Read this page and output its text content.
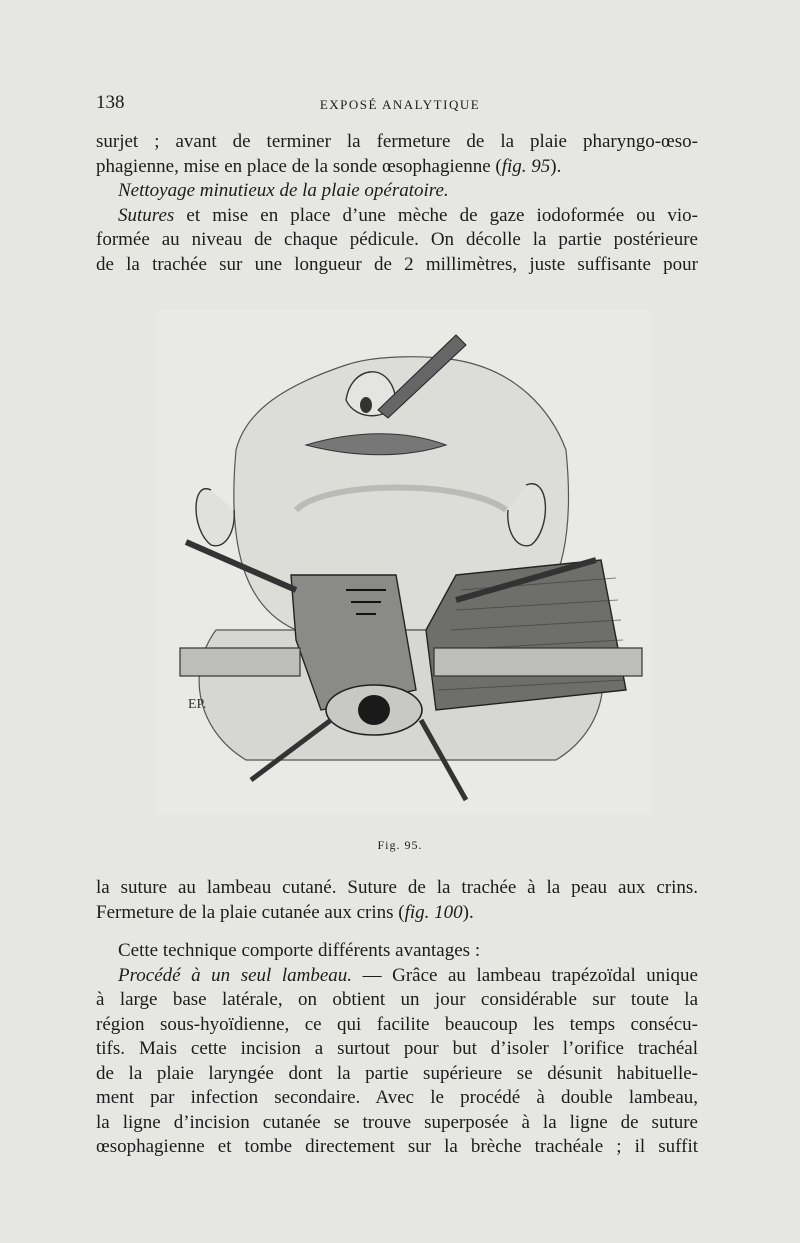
138	EXPOSÉ ANALYTIQUE

surjet ; avant de terminer la fermeture de la plaie pharyngo-œso-

phagienne, mise en place de la sonde œsophagienne (fig. 95).

Nettoyage minutieux de la plaie opératoire.

Sutures et mise en place d’une mèche de gaze iodoformée ou vio-

formée au niveau de chaque pédicule. On décolle la partie postérieure

de la trachée sur une longueur de 2 millimètres, juste suffisante pour

EP.
Fig. 95.

la suture au lambeau cutané. Suture de la trachée à la peau aux crins.

Fermeture de la plaie cutanée aux crins (fig. 100).

Cette technique comporte différents avantages :

Procédé à un seul lambeau. — Grâce au lambeau trapézoïdal unique

à large base latérale, on obtient un jour considérable sur toute la

région sous-hyoïdienne, ce qui facilite beaucoup les temps consécu-

tifs. Mais cette incision a surtout pour but d’isoler l’orifice trachéal

de la plaie laryngée dont la partie supérieure se désunit habituelle-

ment par infection secondaire. Avec le procédé à double lambeau,

la ligne d’incision cutanée se trouve superposée à la ligne de suture

œsophagienne et tombe directement sur la brèche trachéale ; il suffit
